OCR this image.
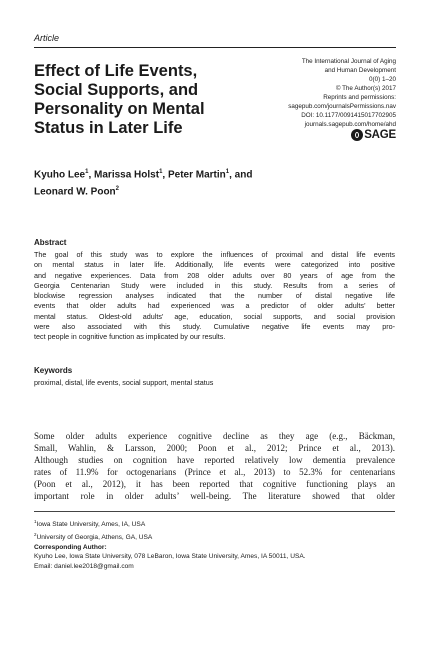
Article
Effect of Life Events,
Social Supports, and
Personality on Mental
Status in Later Life
The International Journal of Aging
and Human Development
0(0) 1–20
© The Author(s) 2017
Reprints and permissions:
sagepub.com/journalsPermissions.nav
DOI: 10.1177/0091415017702905
journals.sagepub.com/home/ahd
SAGE
Kyuho Lee$^1$, Marissa Holst$^1$, Peter Martin$^1$, and
Leonard W. Poon$^2$
Abstract
The goal of this study was to explore the influences of proximal and distal life events
on mental status in later life. Additionally, life events were categorized into positive
and negative experiences. Data from 208 older adults over 80 years of age from the
Georgia Centenarian Study were included in this study. Results from a series of
blockwise regression analyses indicated that the number of distal negative life
events that older adults had experienced was a predictor of older adults’ better
mental status. Oldest-old adults’ age, education, social supports, and social provision
were also associated with this study. Cumulative negative life events may pro-
tect people in cognitive function as implicated by our results.
Keywords
proximal, distal, life events, social support, mental status
Some older adults experience cognitive decline as they age (e.g., Bäckman,
Small, Wahlin, & Larsson, 2000; Poon et al., 2012; Prince et al., 2013).
Although studies on cognition have reported relatively low dementia prevalence
rates of 11.9% for octogenarians (Prince et al., 2013) to 52.3% for centenarians
(Poon et al., 2012), it has been reported that cognitive functioning plays an
important role in older adults’ well-being. The literature showed that older
$^1$Iowa State University, Ames, IA, USA
$^2$University of Georgia, Athens, GA, USA
Corresponding Author:
Kyuho Lee, Iowa State University, 078 LeBaron, Iowa State University, Ames, IA 50011, USA.
Email: daniel.lee2018@gmail.com
